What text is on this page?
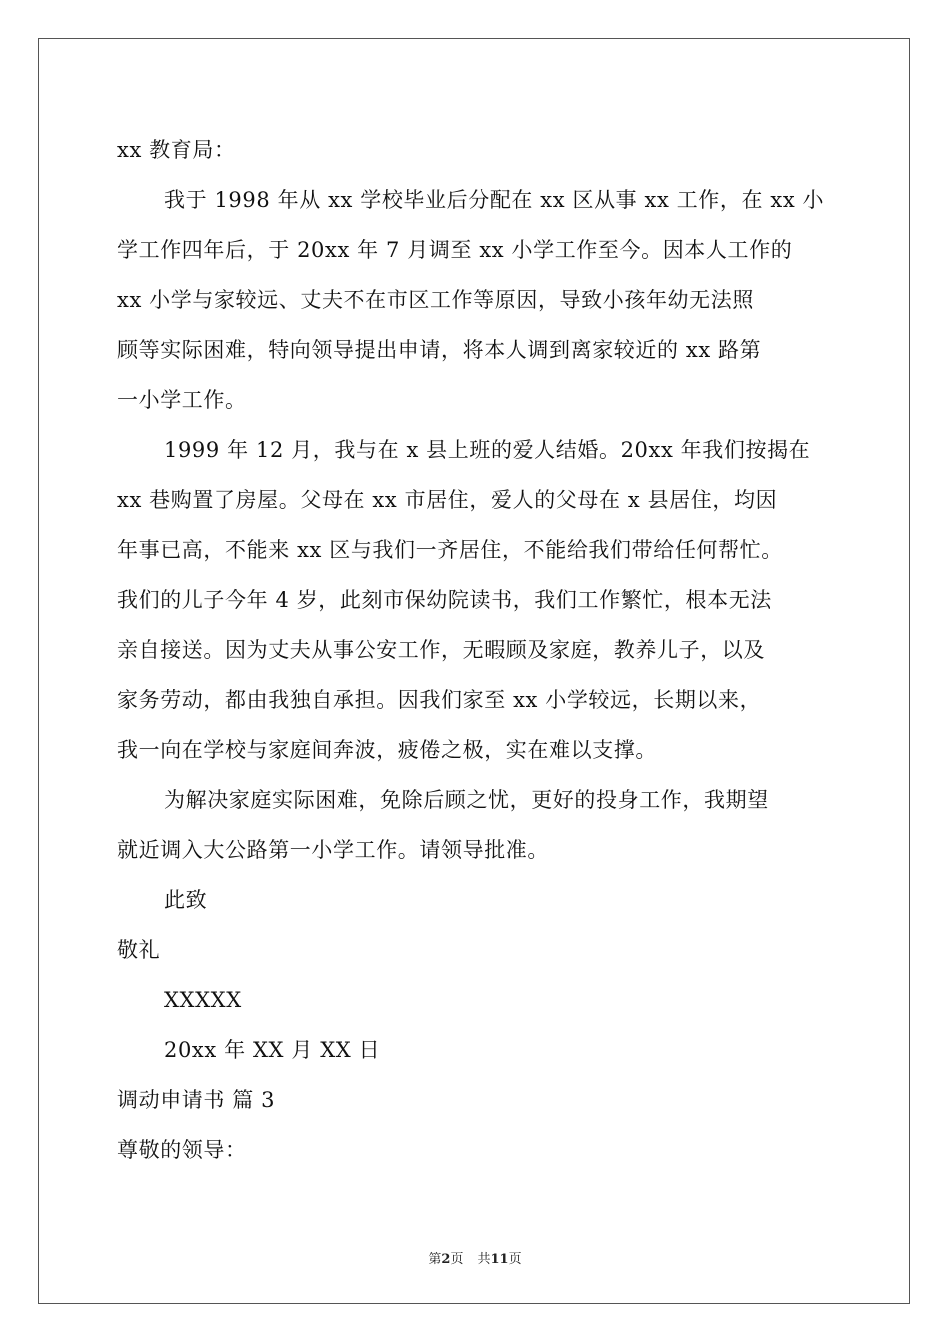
xx 教育局：
我于 1998 年从 xx 学校毕业后分配在 xx 区从事 xx 工作，在 xx 小
学工作四年后，于 20xx 年 7 月调至 xx 小学工作至今。因本人工作的
xx 小学与家较远、丈夫不在市区工作等原因，导致小孩年幼无法照
顾等实际困难，特向领导提出申请，将本人调到离家较近的 xx 路第
一小学工作。
1999 年 12 月，我与在 x 县上班的爱人结婚。20xx 年我们按揭在
xx 巷购置了房屋。父母在 xx 市居住，爱人的父母在 x 县居住，均因
年事已高，不能来 xx 区与我们一齐居住，不能给我们带给任何帮忙。
我们的儿子今年 4 岁，此刻市保幼院读书，我们工作繁忙，根本无法
亲自接送。因为丈夫从事公安工作，无暇顾及家庭，教养儿子，以及
家务劳动，都由我独自承担。因我们家至 xx 小学较远，长期以来，
我一向在学校与家庭间奔波，疲倦之极，实在难以支撑。
为解决家庭实际困难，免除后顾之忧，更好的投身工作，我期望
就近调入大公路第一小学工作。请领导批准。
此致
敬礼
XXXXX
20xx 年 XX 月 XX 日
调动申请书 篇 3
尊敬的领导：
第2页 共11页
